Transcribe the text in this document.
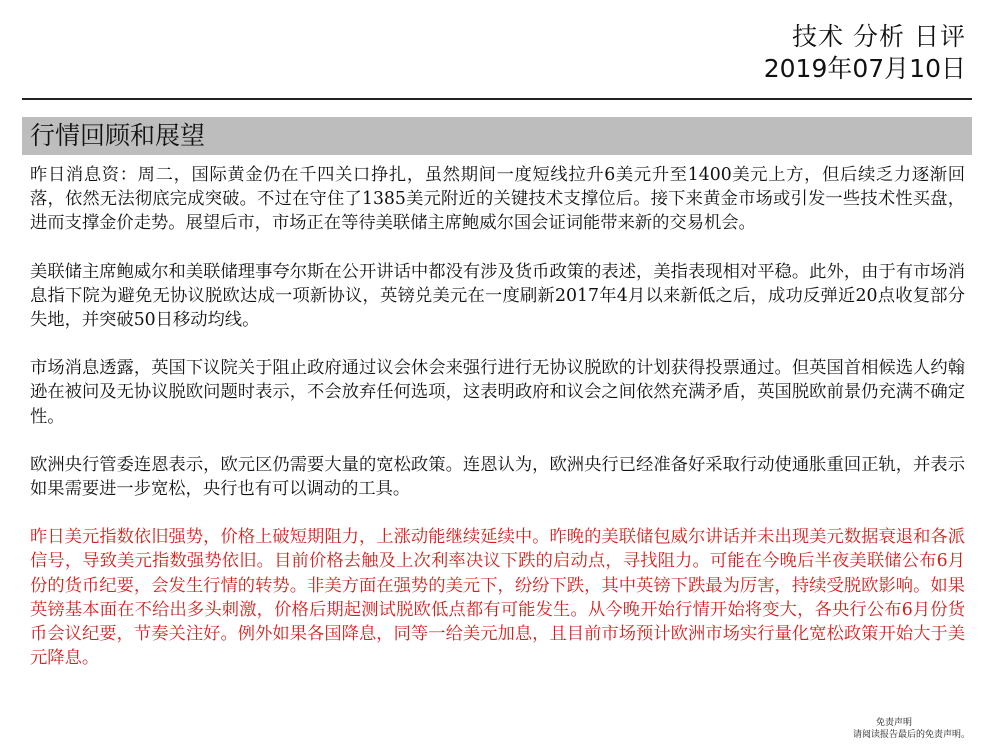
技术 分析 日评
2019年07月10日
行情回顾和展望

昨日消息资：周二，国际黄金仍在千四关口挣扎，虽然期间一度短线拉升6美元升至1400美元上方，但后续乏力逐渐回落，依然无法彻底完成突破。不过在守住了1385美元附近的关键技术支撑位后。接下来黄金市场或引发一些技术性买盘，进而支撑金价走势。展望后市，市场正在等待美联储主席鲍威尔国会证词能带来新的交易机会。

美联储主席鲍威尔和美联储理事夸尔斯在公开讲话中都没有涉及货币政策的表述，美指表现相对平稳。此外，由于有市场消息指下院为避免无协议脱欧达成一项新协议，英镑兑美元在一度刷新2017年4月以来新低之后，成功反弹近20点收复部分失地，并突破50日移动均线。

市场消息透露，英国下议院关于阻止政府通过议会休会来强行进行无协议脱欧的计划获得投票通过。但英国首相候选人约翰逊在被问及无协议脱欧问题时表示，不会放弃任何选项，这表明政府和议会之间依然充满矛盾，英国脱欧前景仍充满不确定性。

欧洲央行管委连恩表示，欧元区仍需要大量的宽松政策。连恩认为，欧洲央行已经准备好采取行动使通胀重回正轨，并表示如果需要进一步宽松，央行也有可以调动的工具。

昨日美元指数依旧强势，价格上破短期阻力，上涨动能继续延续中。昨晚的美联储包威尔讲话并未出现美元数据衰退和各派信号，导致美元指数强势依旧。目前价格去触及上次利率决议下跌的启动点，寻找阻力。可能在今晚后半夜美联储公布6月份的货币纪要，会发生行情的转势。非美方面在强势的美元下，纷纷下跌，其中英镑下跌最为厉害，持续受脱欧影响。如果英镑基本面在不给出多头刺激，价格后期起测试脱欧低点都有可能发生。从今晚开始行情开始将变大，各央行公布6月份货币会议纪要，节奏关注好。例外如果各国降息，同等一给美元加息，且目前市场预计欧洲市场实行量化宽松政策开始大于美元降息。

免责声明
请阅读报告最后的免责声明。
